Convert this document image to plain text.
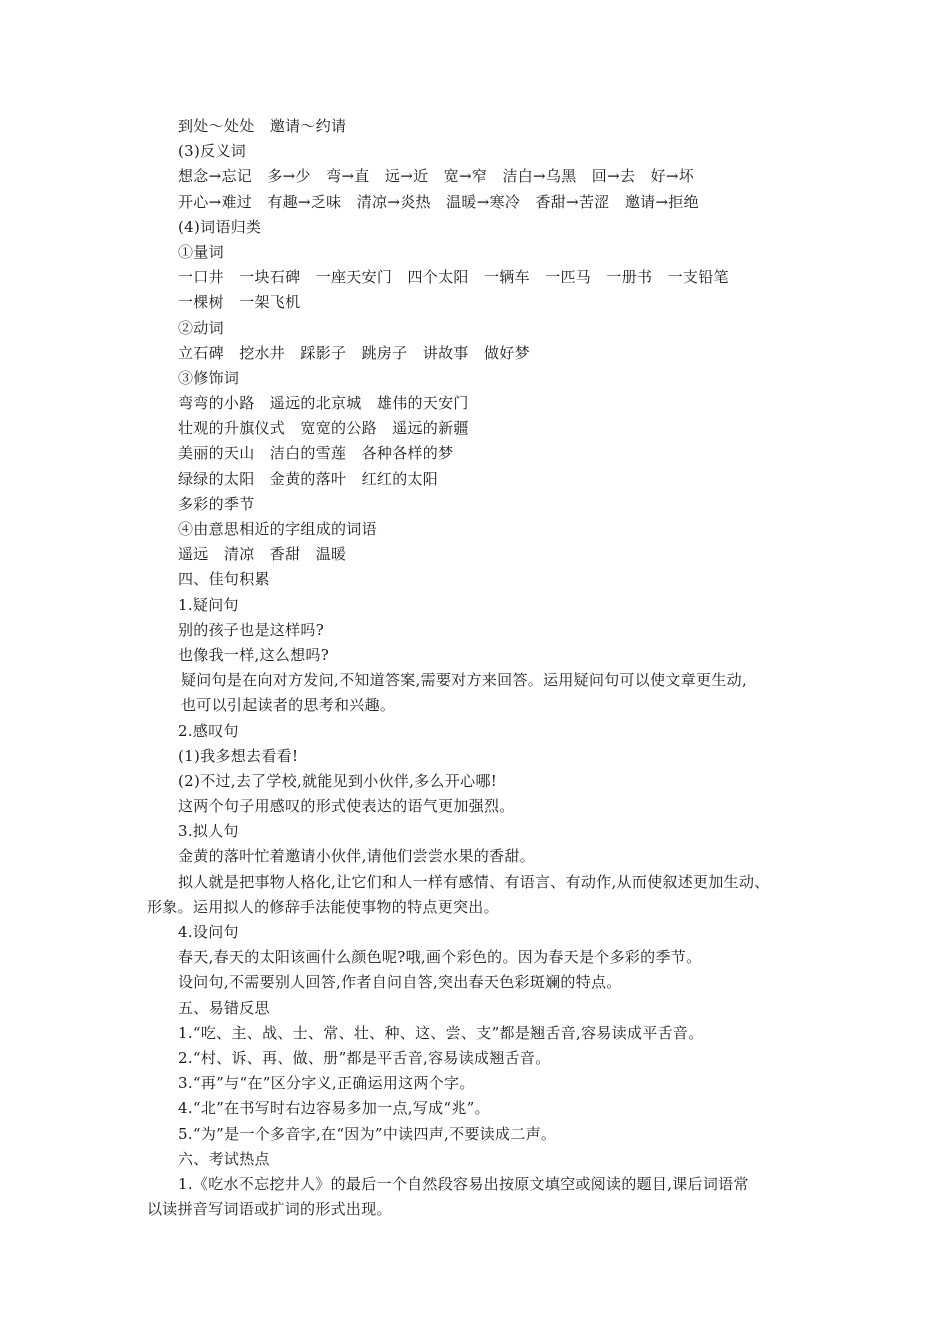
到处～处处　邀请～约请
(3)反义词
想念→忘记　多→少　弯→直　远→近　宽→窄　洁白→乌黑　回→去　好→坏
开心→难过　有趣→乏味　清凉→炎热　温暖→寒冷　香甜→苦涩　邀请→拒绝
(4)词语归类
①量词
一口井　一块石碑　一座天安门　四个太阳　一辆车　一匹马　一册书　一支铅笔
一棵树　一架飞机
②动词
立石碑　挖水井　踩影子　跳房子　讲故事　做好梦
③修饰词
弯弯的小路　遥远的北京城　雄伟的天安门
壮观的升旗仪式　宽宽的公路　遥远的新疆
美丽的天山　洁白的雪莲　各种各样的梦
绿绿的太阳　金黄的落叶　红红的太阳
多彩的季节
④由意思相近的字组成的词语
遥远　清凉　香甜　温暖
四、佳句积累
1.疑问句
别的孩子也是这样吗?
也像我一样,这么想吗?
疑问句是在向对方发问,不知道答案,需要对方来回答。运用疑问句可以使文章更生动,
也可以引起读者的思考和兴趣。
2.感叹句
(1)我多想去看看!
(2)不过,去了学校,就能见到小伙伴,多么开心哪!
这两个句子用感叹的形式使表达的语气更加强烈。
3.拟人句
金黄的落叶忙着邀请小伙伴,请他们尝尝水果的香甜。
拟人就是把事物人格化,让它们和人一样有感情、有语言、有动作,从而使叙述更加生动、
形象。运用拟人的修辞手法能使事物的特点更突出。
4.设问句
春天,春天的太阳该画什么颜色呢?哦,画个彩色的。因为春天是个多彩的季节。
设问句,不需要别人回答,作者自问自答,突出春天色彩斑斓的特点。
五、易错反思
1.“吃、主、战、士、常、壮、种、这、尝、支”都是翘舌音,容易读成平舌音。
2.“村、诉、再、做、册”都是平舌音,容易读成翘舌音。
3.“再”与“在”区分字义,正确运用这两个字。
4.“北”在书写时右边容易多加一点,写成“兆”。
5.“为”是一个多音字,在“因为”中读四声,不要读成二声。
六、考试热点
1.《吃水不忘挖井人》的最后一个自然段容易出按原文填空或阅读的题目,课后词语常
以读拼音写词语或扩词的形式出现。
